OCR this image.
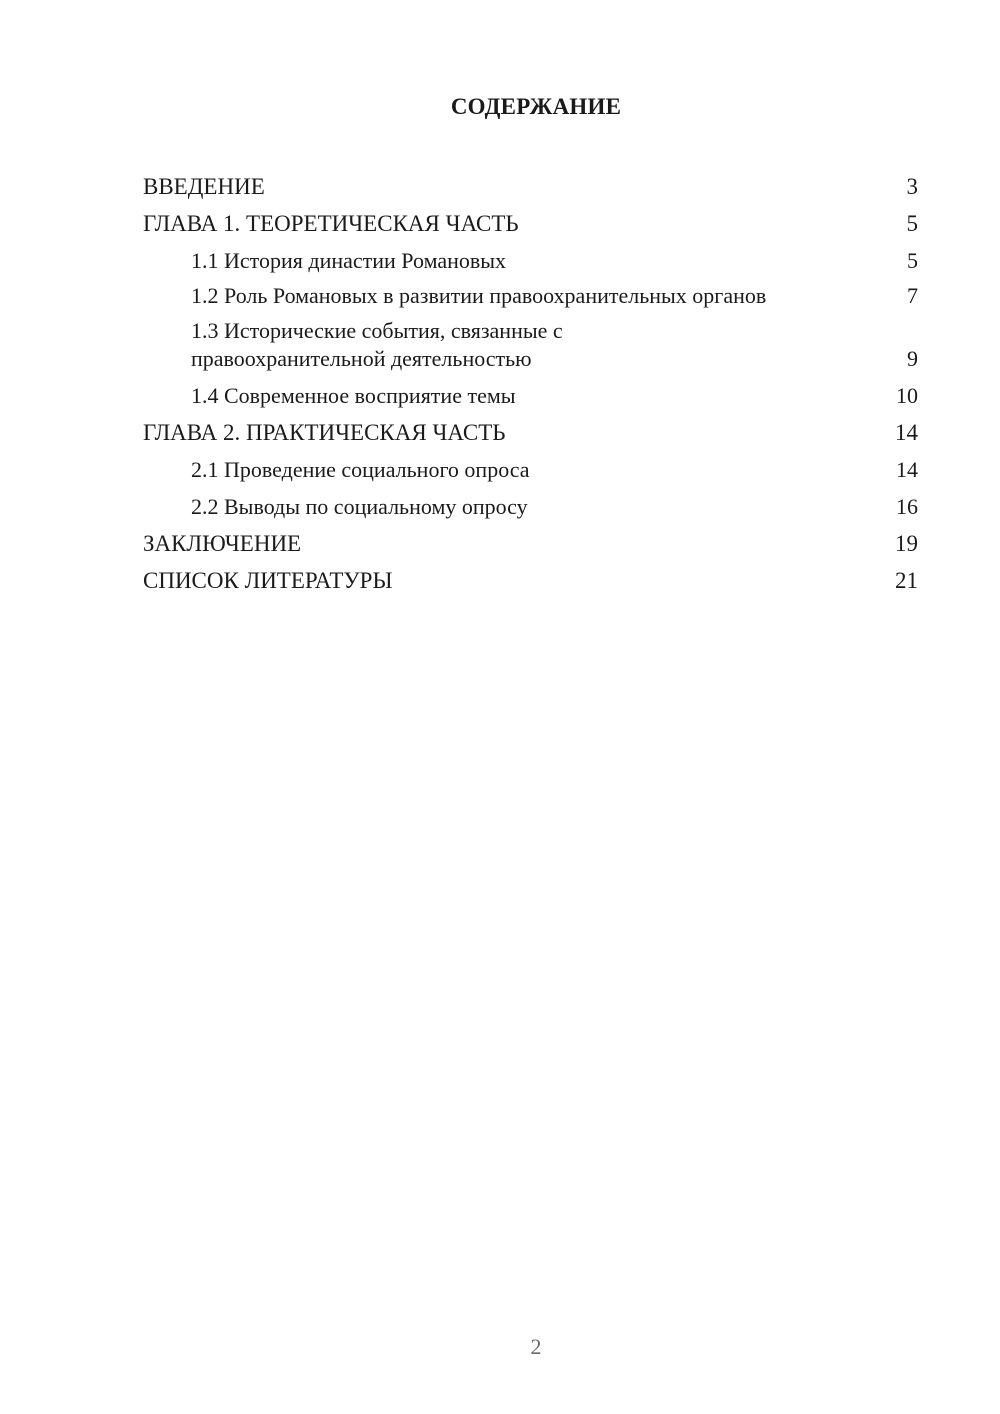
СОДЕРЖАНИЕ
ВВЕДЕНИЕ	3
ГЛАВА 1. ТЕОРЕТИЧЕСКАЯ ЧАСТЬ	5
1.1 История династии Романовых	5
1.2 Роль Романовых в развитии правоохранительных органов	7
1.3 Исторические события, связанные с правоохранительной деятельностью	9
1.4 Современное восприятие темы	10
ГЛАВА 2. ПРАКТИЧЕСКАЯ ЧАСТЬ	14
2.1 Проведение социального опроса	14
2.2 Выводы по социальному опросу	16
ЗАКЛЮЧЕНИЕ	19
СПИСОК ЛИТЕРАТУРЫ	21
2
